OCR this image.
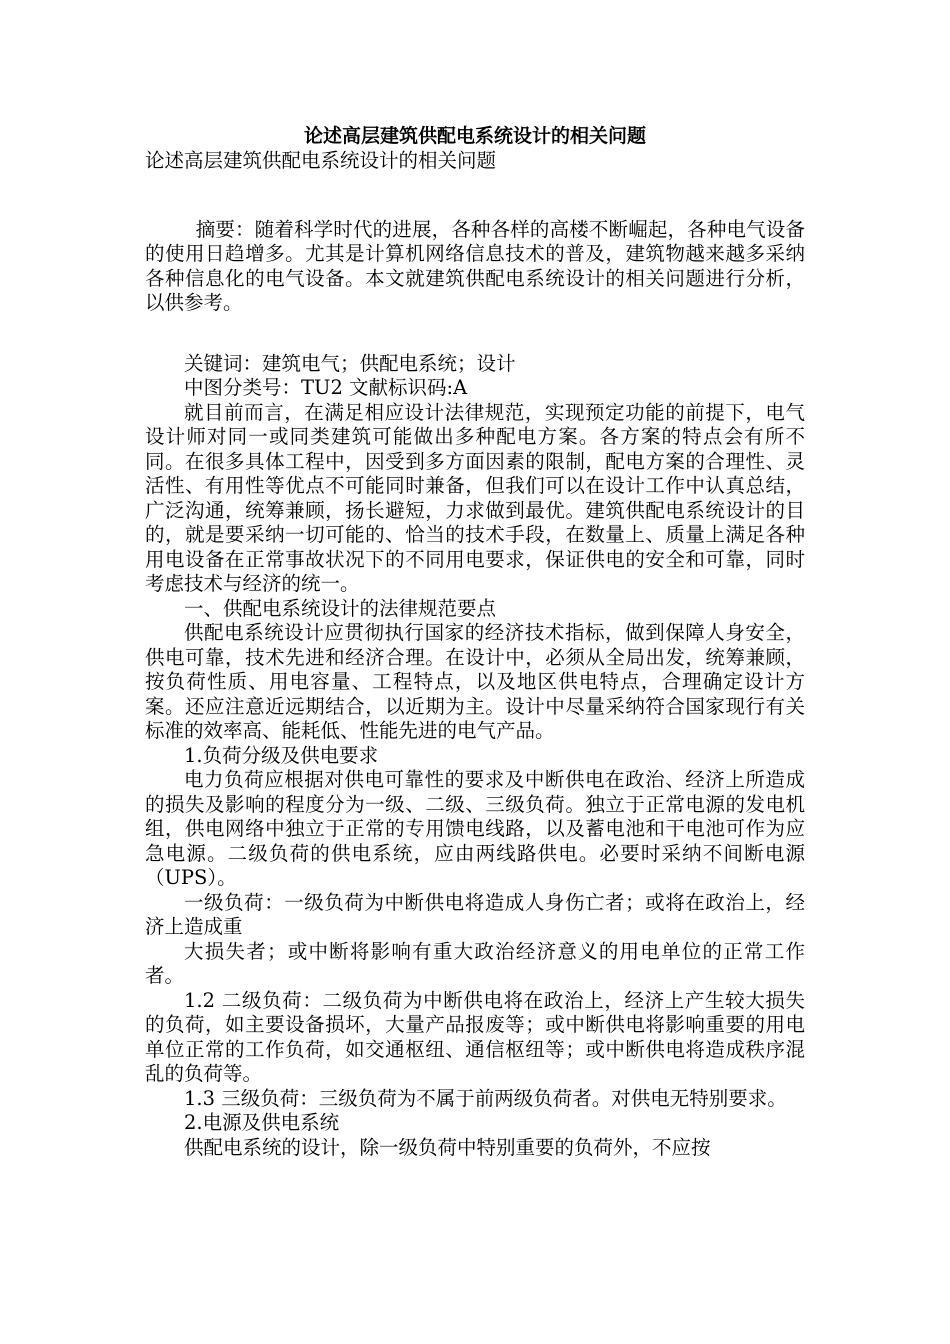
论述高层建筑供配电系统设计的相关问题
论述高层建筑供配电系统设计的相关问题
摘要：随着科学时代的进展，各种各样的高楼不断崛起，各种电气设备的使用日趋增多。尤其是计算机网络信息技术的普及，建筑物越来越多采纳各种信息化的电气设备。本文就建筑供配电系统设计的相关问题进行分析，以供参考。
关键词：建筑电气；供配电系统；设计
中图分类号：TU2 文献标识码:A
就目前而言，在满足相应设计法律规范，实现预定功能的前提下，电气设计师对同一或同类建筑可能做出多种配电方案。各方案的特点会有所不同。在很多具体工程中，因受到多方面因素的限制，配电方案的合理性、灵活性、有用性等优点不可能同时兼备，但我们可以在设计工作中认真总结，广泛沟通，统筹兼顾，扬长避短，力求做到最优。建筑供配电系统设计的目的，就是要采纳一切可能的、恰当的技术手段，在数量上、质量上满足各种用电设备在正常事故状况下的不同用电要求，保证供电的安全和可靠，同时考虑技术与经济的统一。
一、供配电系统设计的法律规范要点
供配电系统设计应贯彻执行国家的经济技术指标，做到保障人身安全，供电可靠，技术先进和经济合理。在设计中，必须从全局出发，统筹兼顾，按负荷性质、用电容量、工程特点，以及地区供电特点，合理确定设计方案。还应注意近远期结合，以近期为主。设计中尽量采纳符合国家现行有关标准的效率高、能耗低、性能先进的电气产品。
1.负荷分级及供电要求
电力负荷应根据对供电可靠性的要求及中断供电在政治、经济上所造成的损失及影响的程度分为一级、二级、三级负荷。独立于正常电源的发电机组，供电网络中独立于正常的专用馈电线路，以及蓄电池和干电池可作为应急电源。二级负荷的供电系统，应由两线路供电。必要时采纳不间断电源（UPS）。
一级负荷：一级负荷为中断供电将造成人身伤亡者；或将在政治上，经济上造成重
大损失者；或中断将影响有重大政治经济意义的用电单位的正常工作者。
1.2 二级负荷：二级负荷为中断供电将在政治上，经济上产生较大损失的负荷，如主要设备损坏，大量产品报废等；或中断供电将影响重要的用电单位正常的工作负荷，如交通枢纽、通信枢纽等；或中断供电将造成秩序混乱的负荷等。
1.3 三级负荷：三级负荷为不属于前两级负荷者。对供电无特别要求。
2.电源及供电系统
供配电系统的设计，除一级负荷中特别重要的负荷外，不应按
